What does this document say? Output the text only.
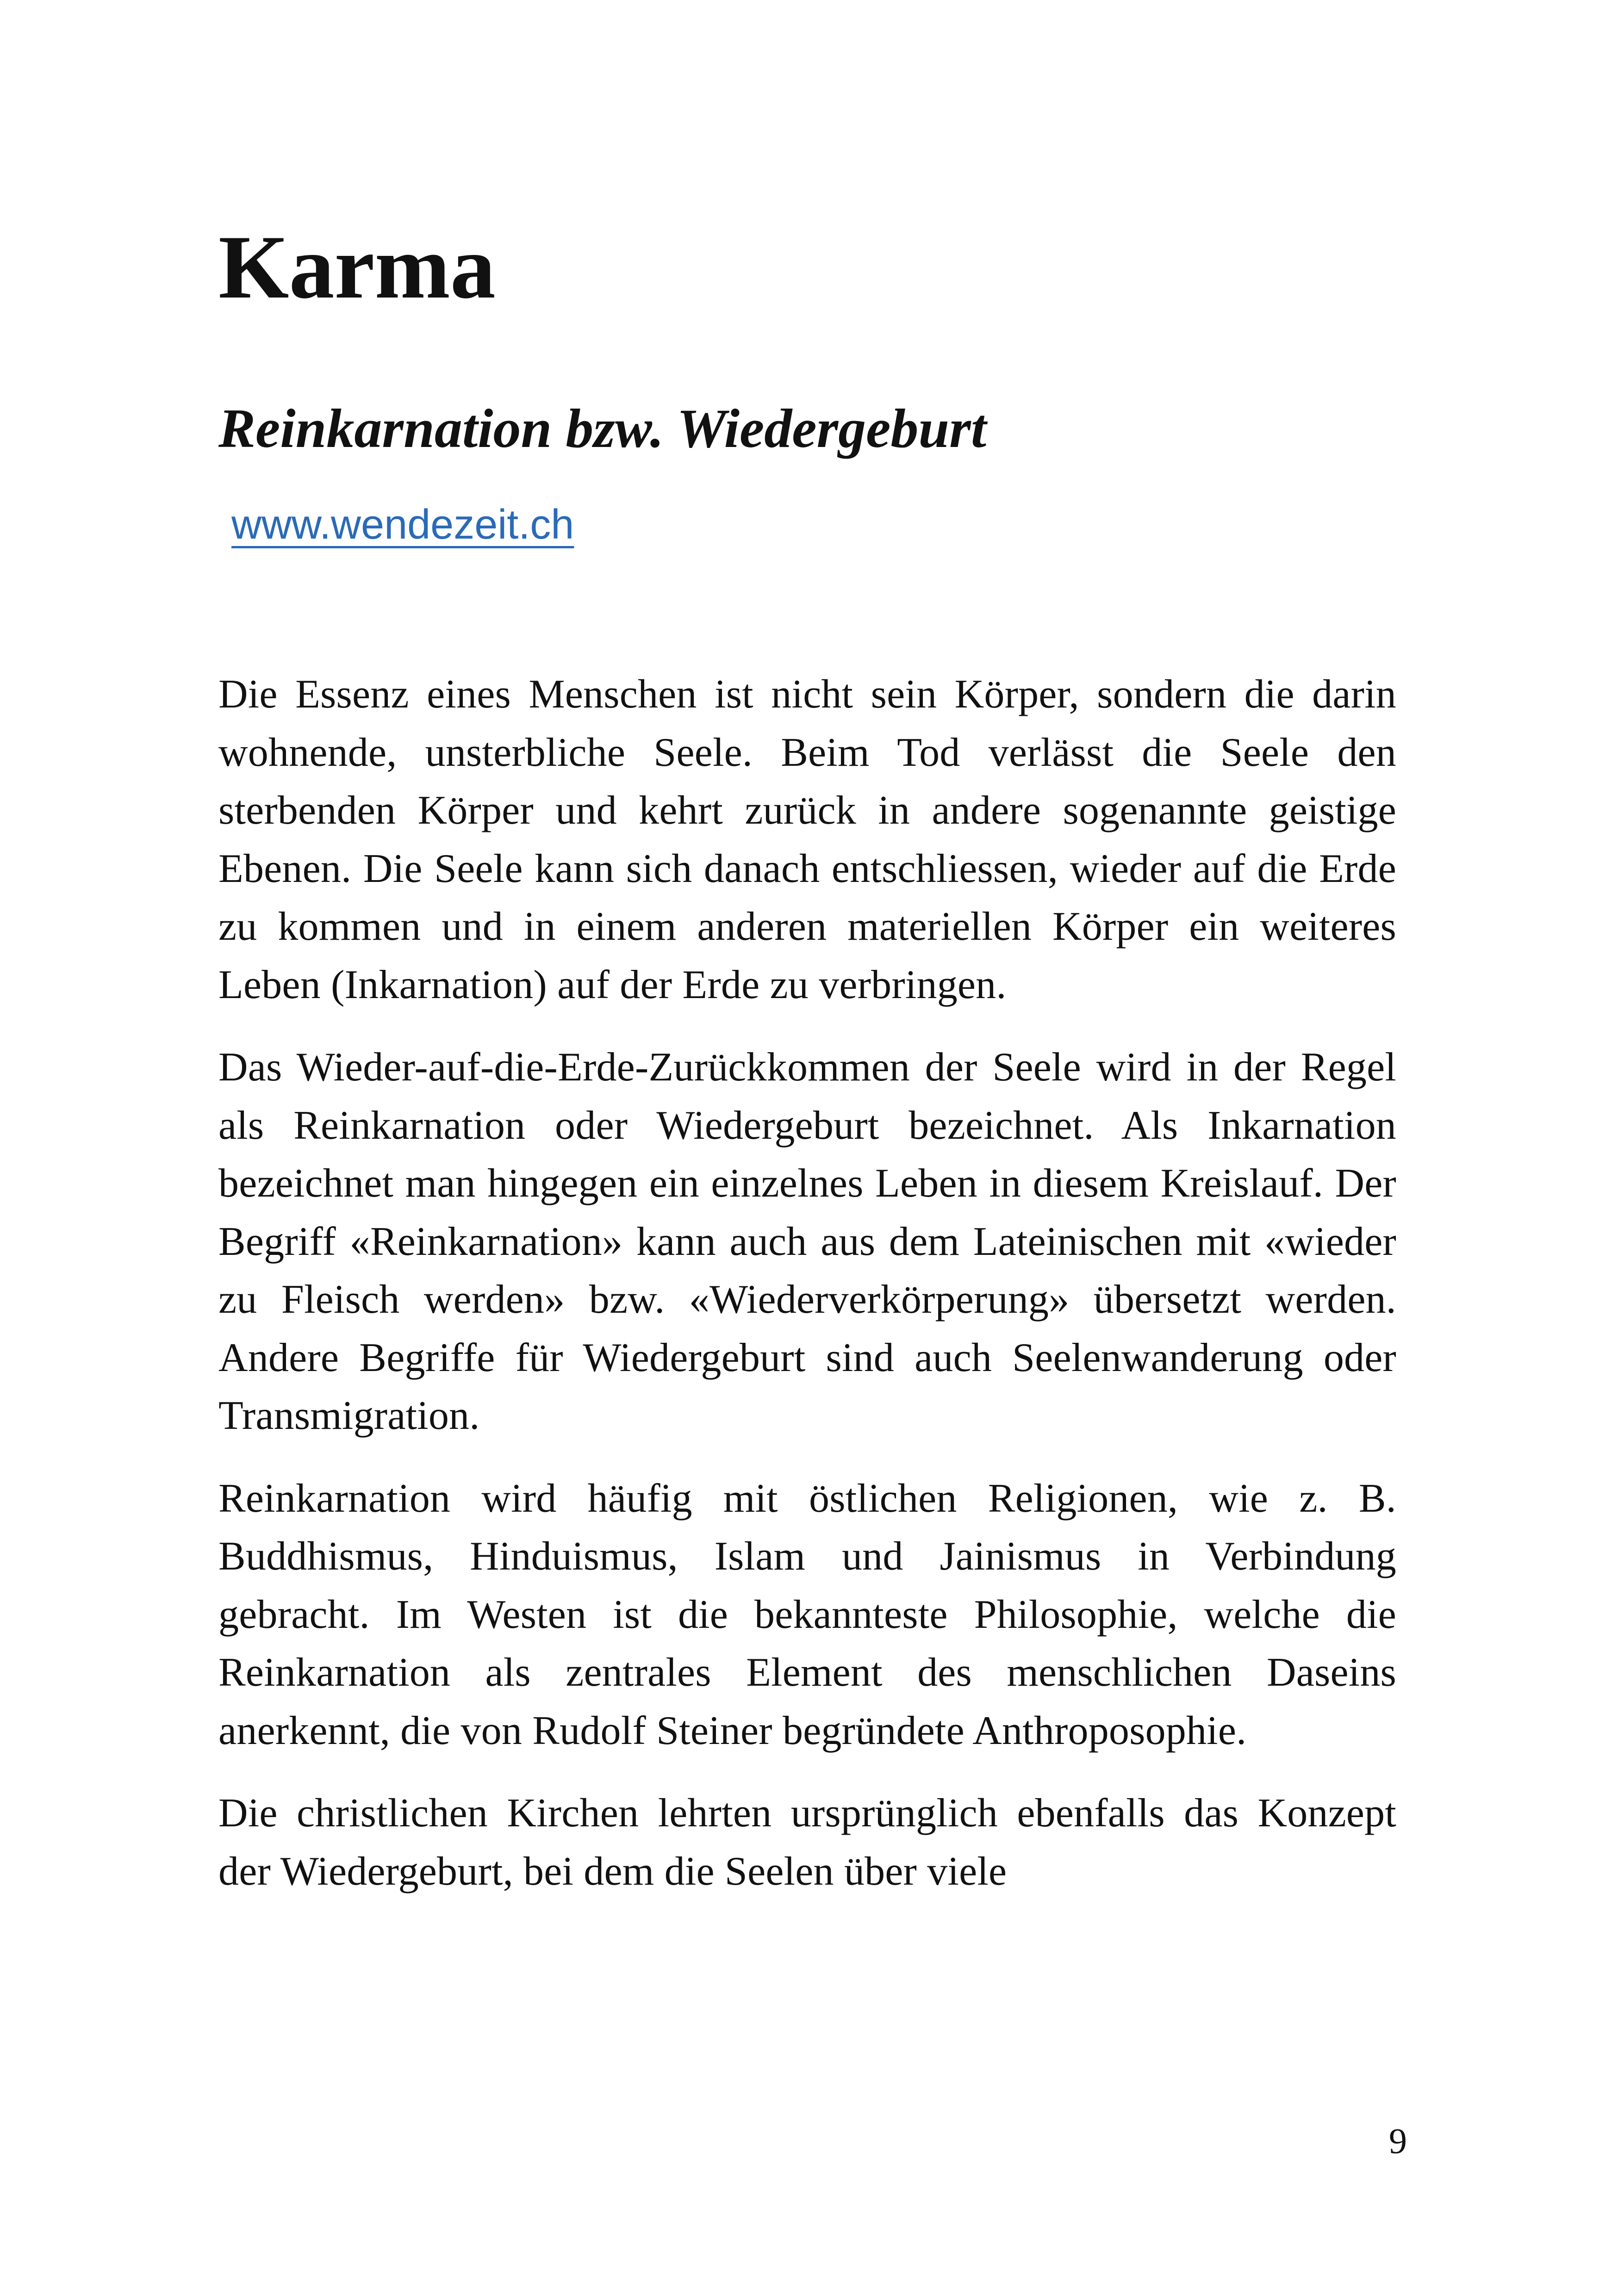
Karma
Reinkarnation bzw. Wiedergeburt
www.wendezeit.ch

Die Essenz eines Menschen ist nicht sein Körper, sondern die darin wohnende, unsterbliche Seele. Beim Tod verlässt die Seele den sterbenden Körper und kehrt zurück in andere sogenannte geistige Ebenen. Die Seele kann sich danach entschliessen, wieder auf die Erde zu kommen und in einem anderen materiellen Körper ein weiteres Leben (Inkarnation) auf der Erde zu verbringen.

Das Wieder-auf-die-Erde-Zurückkommen der Seele wird in der Regel als Reinkarnation oder Wiedergeburt bezeichnet. Als Inkarnation bezeichnet man hingegen ein einzelnes Leben in diesem Kreislauf. Der Begriff «Reinkarnation» kann auch aus dem Lateinischen mit «wieder zu Fleisch werden» bzw. «Wiederverkörperung» übersetzt werden. Andere Begriffe für Wiedergeburt sind auch Seelenwanderung oder Transmigration.

Reinkarnation wird häufig mit östlichen Religionen, wie z. B. Buddhismus, Hinduismus, Islam und Jainismus in Verbindung gebracht. Im Westen ist die bekannteste Philosophie, welche die Reinkarnation als zentrales Element des menschlichen Daseins anerkennt, die von Rudolf Steiner begründete Anthroposophie.

Die christlichen Kirchen lehrten ursprünglich ebenfalls das Konzept der Wiedergeburt, bei dem die Seelen über viele

9
